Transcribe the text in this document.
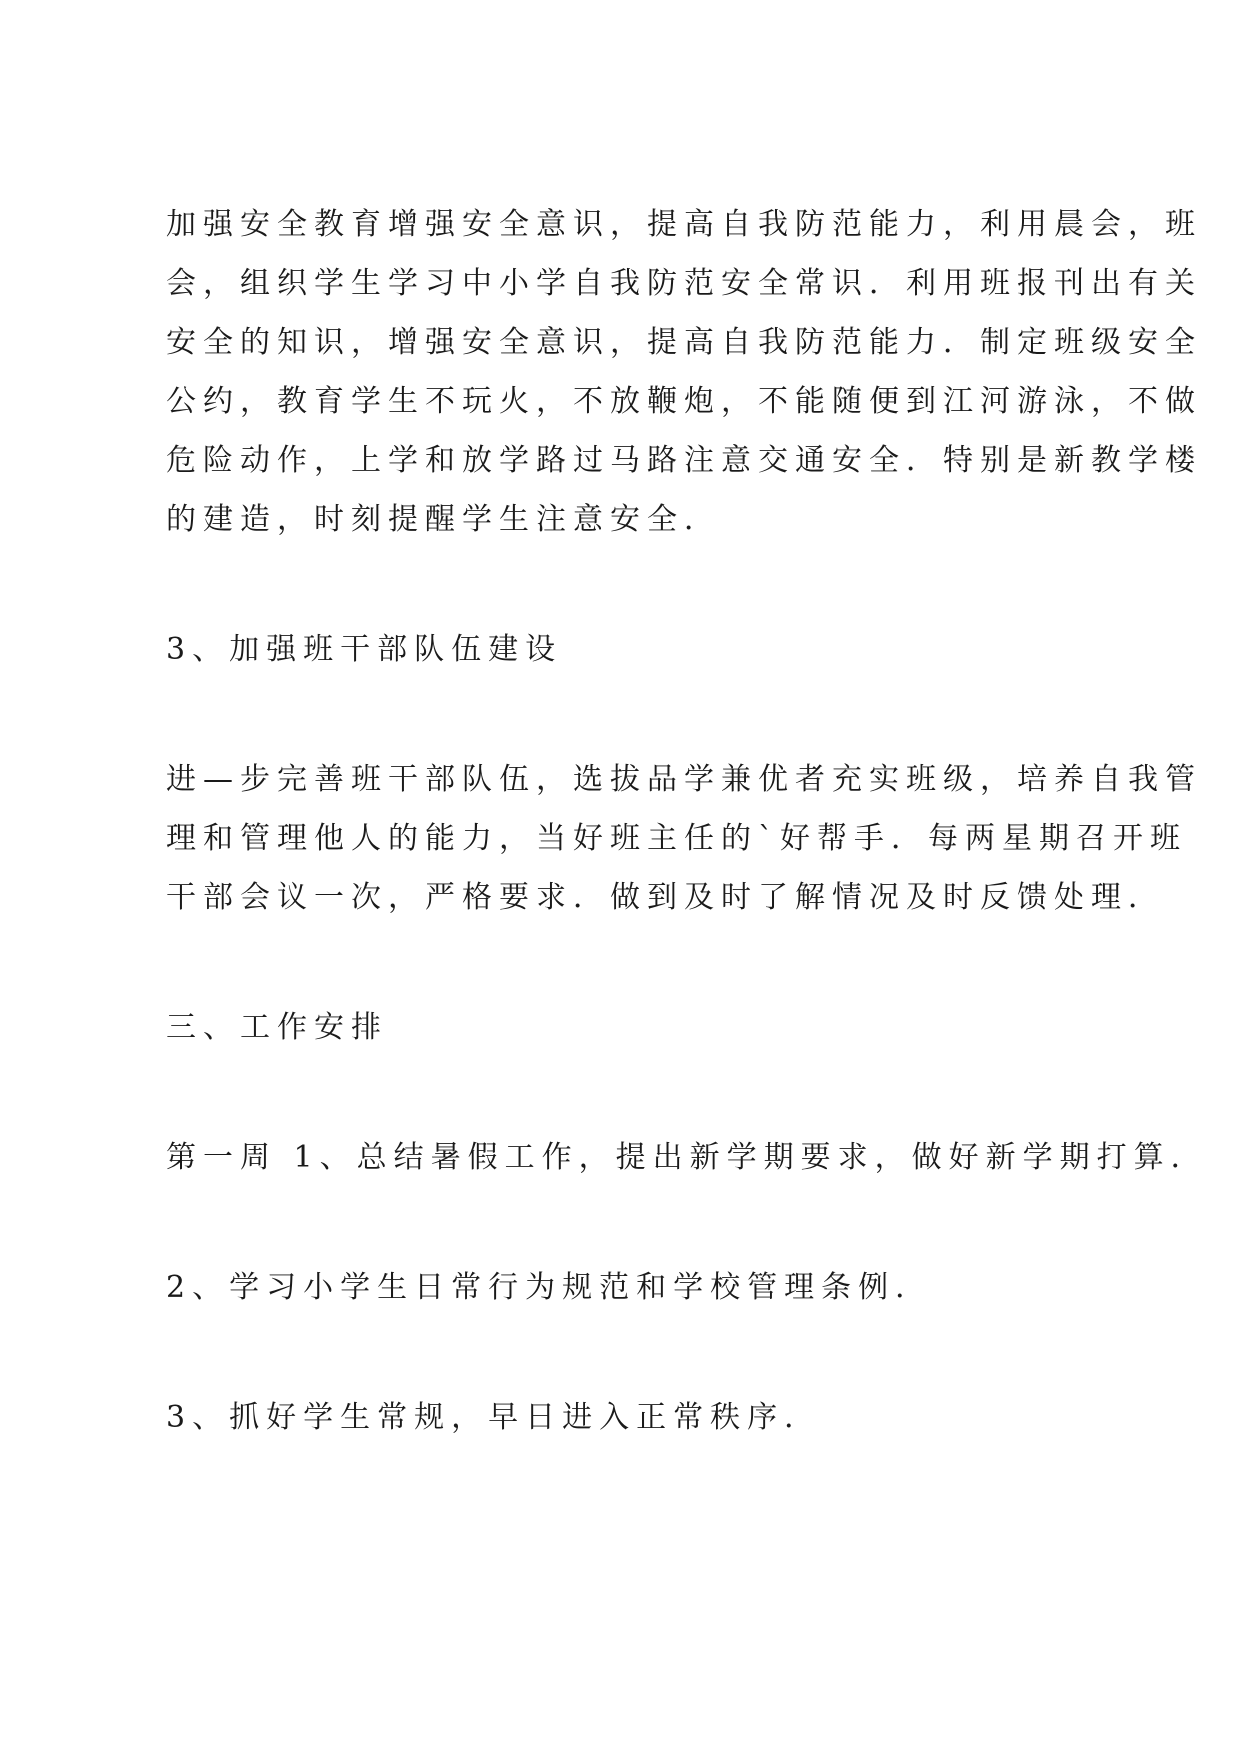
加强安全教育增强安全意识，提高自我防范能力，利用晨会，班
会，组织学生学习中小学自我防范安全常识．利用班报刊出有关
安全的知识，增强安全意识，提高自我防范能力．制定班级安全
公约，教育学生不玩火，不放鞭炮，不能随便到江河游泳，不做
危险动作，上学和放学路过马路注意交通安全．特别是新教学楼
的建造，时刻提醒学生注意安全．
3、加强班干部队伍建设
进—步完善班干部队伍，选拔品学兼优者充实班级，培养自我管
理和管理他人的能力，当好班主任的`好帮手．每两星期召开班
干部会议一次，严格要求．做到及时了解情况及时反馈处理．
三、工作安排
第一周 1、总结暑假工作，提出新学期要求，做好新学期打算．
2、学习小学生日常行为规范和学校管理条例．
3、抓好学生常规，早日进入正常秩序．
